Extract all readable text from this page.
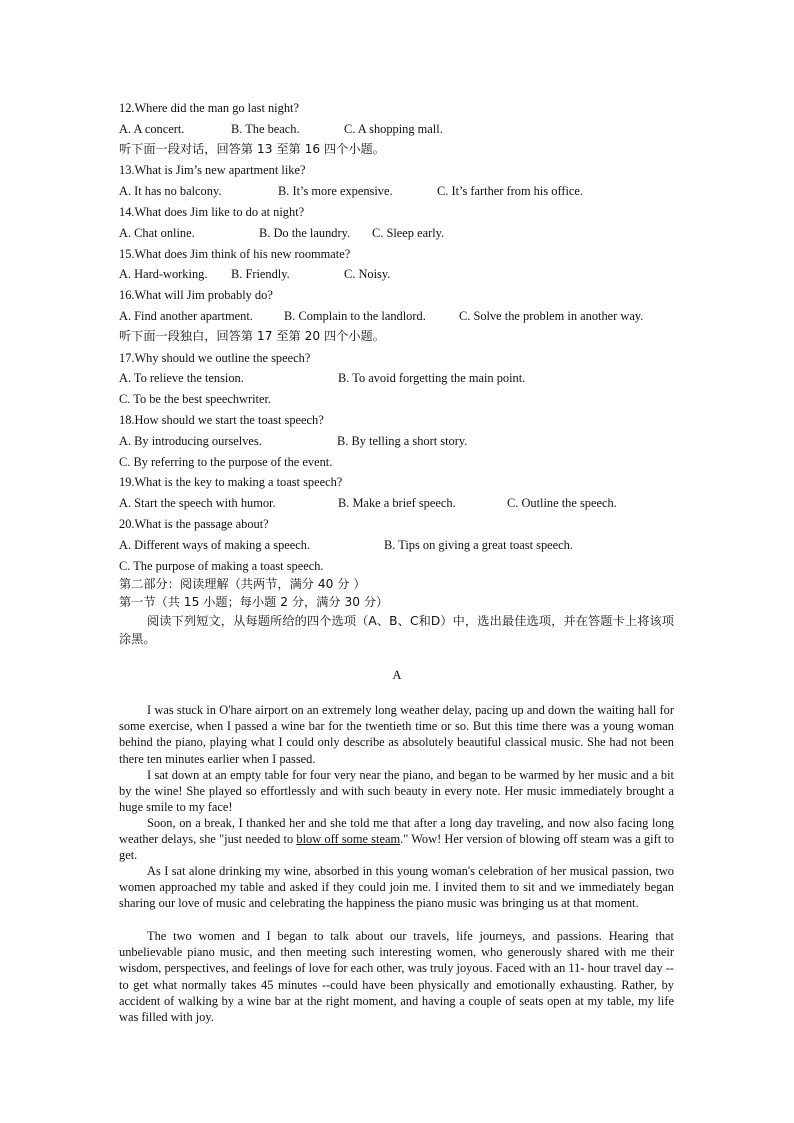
12.Where did the man go last night?
A. A concert.	B. The beach.	C. A shopping mall.
听下面一段对话，回答第 13 至第 16 四个小题。
13.What is Jim’s new apartment like?
A. It has no balcony.	B. It’s more expensive.	C. It’s farther from his office.
14.What does Jim like to do at night?
A. Chat online.	B. Do the laundry. C. Sleep early.
15.What does Jim think of his new roommate?
A. Hard-working. B. Friendly.	C. Noisy.
16.What will Jim probably do?
A. Find another apartment.	B. Complain to the landlord.	C. Solve the problem in another way.
听下面一段独白，回答第 17 至第 20 四个小题。
17.Why should we outline the speech?
A. To relieve the tension.	B. To avoid forgetting the main point.
C. To be the best speechwriter.
18.How should we start the toast speech?
A. By introducing ourselves.	B. By telling a short story.
C. By referring to the purpose of the event.
19.What is the key to making a toast speech?
A. Start the speech with humor.	B. Make a brief speech.	C. Outline the speech.
20.What is the passage about?
A. Different ways of making a speech.	B. Tips on giving a great toast speech.
C. The purpose of making a toast speech.
第二部分：阅读理解（共两节，满分 40 分 ）
第一节（共 15 小题；每小题 2 分，满分 30 分）
阅读下列短文，从每题所给的四个选项（A、B、C和D）中，选出最佳选项，并在答题卡上将该项涂黑。
A
I was stuck in O'hare airport on an extremely long weather delay, pacing up and down the waiting hall for some exercise, when I passed a wine bar for the twentieth time or so. But this time there was a young woman behind the piano, playing what I could only describe as absolutely beautiful classical music. She had not been there ten minutes earlier when I passed.
I sat down at an empty table for four very near the piano, and began to be warmed by her music and a bit by the wine! She played so effortlessly and with such beauty in every note. Her music immediately brought a huge smile to my face!
Soon, on a break, I thanked her and she told me that after a long day traveling, and now also facing long weather delays, she "just needed to blow off some steam." Wow! Her version of blowing off steam was a gift to get.
As I sat alone drinking my wine, absorbed in this young woman's celebration of her musical passion, two women approached my table and asked if they could join me. I invited them to sit and we immediately began sharing our love of music and celebrating the happiness the piano music was bringing us at that moment.
The two women and I began to talk about our travels, life journeys, and passions. Hearing that unbelievable piano music, and then meeting such interesting women, who generously shared with me their wisdom, perspectives, and feelings of love for each other, was truly joyous. Faced with an 11- hour travel day -- to get what normally takes 45 minutes --could have been physically and emotionally exhausting. Rather, by accident of walking by a wine bar at the right moment, and having a couple of seats open at my table, my life was filled with joy.
